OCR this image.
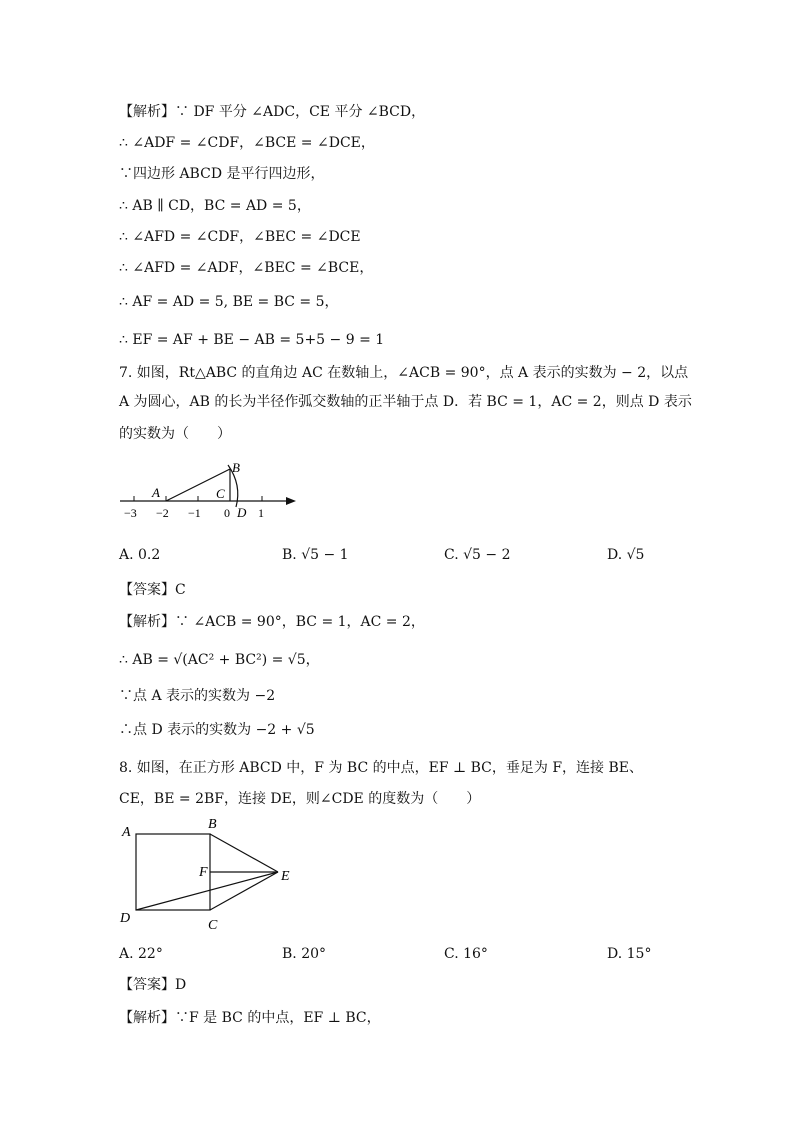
【解析】∵ DF 平分 ∠ADC，CE 平分 ∠BCD，
∴ ∠ADF = ∠CDF，∠BCE = ∠DCE，
∵四边形 ABCD 是平行四边形，
∴ AB ∥ CD，BC = AD = 5，
∴ ∠AFD = ∠CDF，∠BEC = ∠DCE
∴ ∠AFD = ∠ADF，∠BEC = ∠BCE，
∴ AF = AD = 5, BE = BC = 5，
∴ EF = AF + BE − AB = 5+5 − 9 = 1
7. 如图，Rt△ABC 的直角边 AC 在数轴上，∠ACB = 90°，点 A 表示的实数为 − 2，以点
A 为圆心，AB 的长为半径作弧交数轴的正半轴于点 D．若 BC = 1，AC = 2，则点 D 表示
的实数为（　　）
B
A	C
D
−3 −2 −1 0 1
A. 0.2	B. √5 − 1	C. √5 − 2	D. √5
【答案】C
【解析】∵ ∠ACB = 90°，BC = 1，AC = 2，
∴ AB = √(AC² + BC²) = √5，
∵点 A 表示的实数为 −2
∴点 D 表示的实数为 −2 + √5
8. 如图，在正方形 ABCD 中，F 为 BC 的中点，EF ⊥ BC，垂足为 F，连接 BE、
CE，BE = 2BF，连接 DE，则∠CDE 的度数为（　　）
A
B
C
D
E
F
A. 22°	B. 20°	C. 16°	D. 15°
【答案】D
【解析】∵F 是 BC 的中点，EF ⊥ BC，
